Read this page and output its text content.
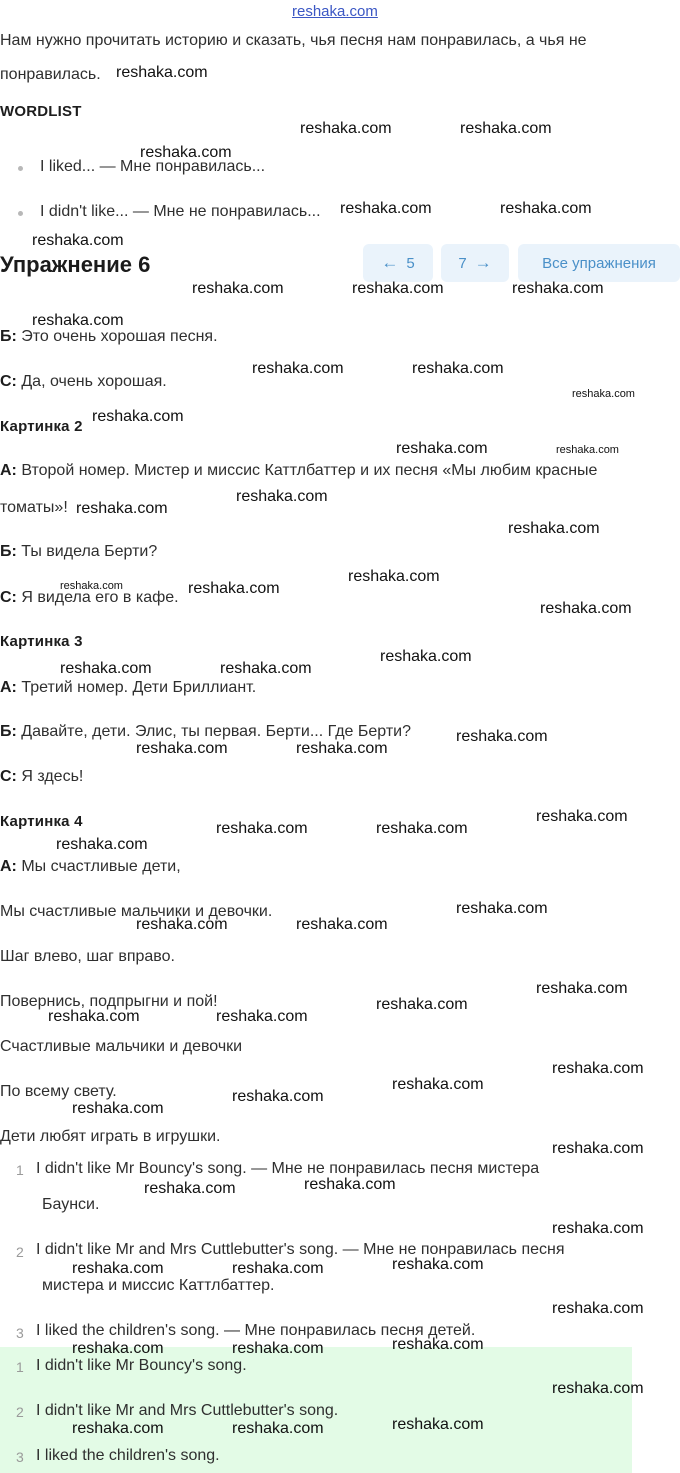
reshaka.com
Нам нужно прочитать историю и сказать, чья песня нам понравилась, а чья не
понравилась.
WORDLIST
I liked... — Мне понравилась...
I didn't like... — Мне не понравилась...
Упражнение 6	← 5	7 →	Все упражнения
Б: Это очень хорошая песня.
С: Да, очень хорошая.
Картинка 2
А: Второй номер. Мистер и миссис Каттлбаттер и их песня «Мы любим красные
томаты»!
Б: Ты видела Берти?
С: Я видела его в кафе.
Картинка 3
А: Третий номер. Дети Бриллиант.
Б: Давайте, дети. Элис, ты первая. Берти... Где Берти?
С: Я здесь!
Картинка 4
А: Мы счастливые дети,
Мы счастливые мальчики и девочки.
Шаг влево, шаг вправо.
Повернись, подпрыгни и пой!
Счастливые мальчики и девочки
По всему свету.
Дети любят играть в игрушки.
1 I didn't like Mr Bouncy's song. — Мне не понравилась песня мистера
Баунси.
2 I didn't like Mr and Mrs Cuttlebutter's song. — Мне не понравилась песня
мистера и миссис Каттлбаттер.
3 I liked the children's song. — Мне понравилась песня детей.
1 I didn't like Mr Bouncy's song.
2 I didn't like Mr and Mrs Cuttlebutter's song.
3 I liked the children's song.
reshaka.com
reshaka.com	reshaka.com
reshaka.com
reshaka.com	reshaka.com
reshaka.com
reshaka.com	reshaka.com	reshaka.com
reshaka.com
reshaka.com	reshaka.com
reshaka.com
reshaka.com
reshaka.com	reshaka.com
reshaka.com
reshaka.com
reshaka.com
reshaka.com
reshaka.com	reshaka.com
reshaka.com
reshaka.com
reshaka.com	reshaka.com
reshaka.com
reshaka.com	reshaka.com
reshaka.com
reshaka.com	reshaka.com
reshaka.com
reshaka.com
reshaka.com	reshaka.com
reshaka.com
reshaka.com
reshaka.com	reshaka.com
reshaka.com
reshaka.com
reshaka.com
reshaka.com
reshaka.com
reshaka.com
reshaka.com
reshaka.com
reshaka.com
reshaka.com	reshaka.com
reshaka.com
reshaka.com
reshaka.com	reshaka.com
reshaka.com
reshaka.com
reshaka.com	reshaka.com
